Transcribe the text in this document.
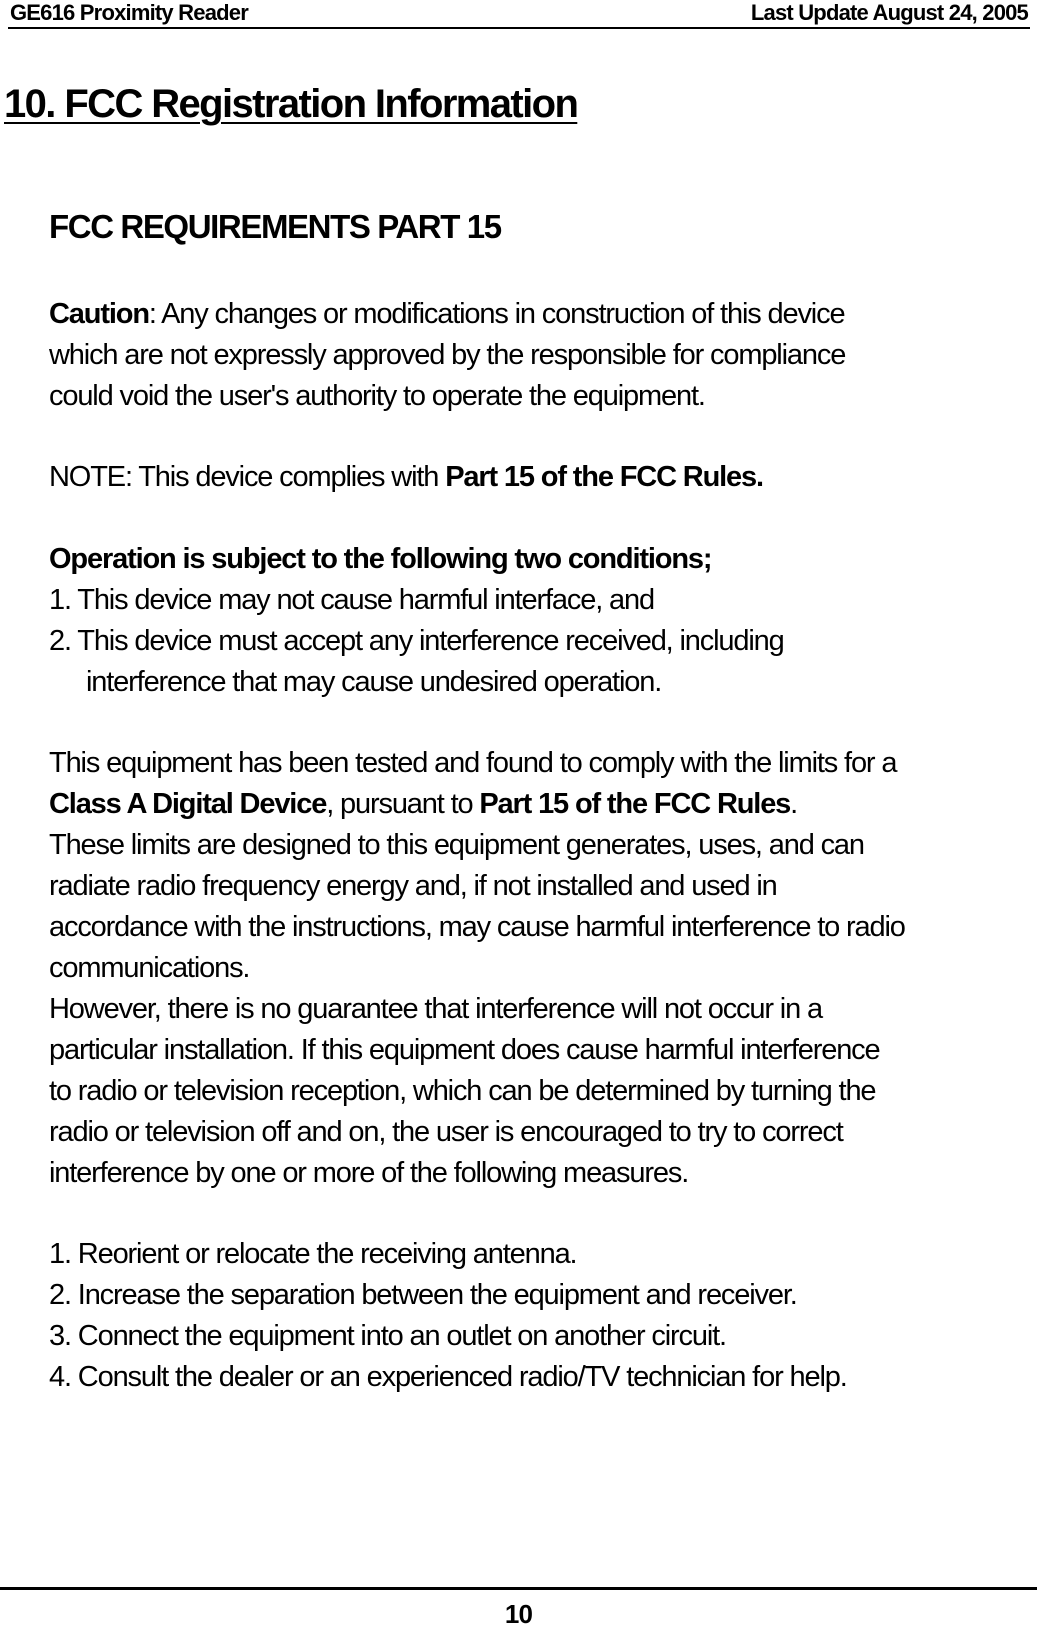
GE616 Proximity Reader	Last Update August 24, 2005
10. FCC Registration Information
FCC REQUIREMENTS PART 15
Caution: Any changes or modifications in construction of this device
which are not expressly approved by the responsible for compliance
could void the user's authority to operate the equipment.
NOTE: This device complies with Part 15 of the FCC Rules.
Operation is subject to the following two conditions;
1. This device may not cause harmful interface, and
2. This device must accept any interference received, including
interference that may cause undesired operation.
This equipment has been tested and found to comply with the limits for a
Class A Digital Device, pursuant to Part 15 of the FCC Rules.
These limits are designed to this equipment generates, uses, and can
radiate radio frequency energy and, if not installed and used in
accordance with the instructions, may cause harmful interference to radio
communications.
However, there is no guarantee that interference will not occur in a
particular installation. If this equipment does cause harmful interference
to radio or television reception, which can be determined by turning the
radio or television off and on, the user is encouraged to try to correct
interference by one or more of the following measures.
1. Reorient or relocate the receiving antenna.
2. Increase the separation between the equipment and receiver.
3. Connect the equipment into an outlet on another circuit.
4. Consult the dealer or an experienced radio/TV technician for help.
10
